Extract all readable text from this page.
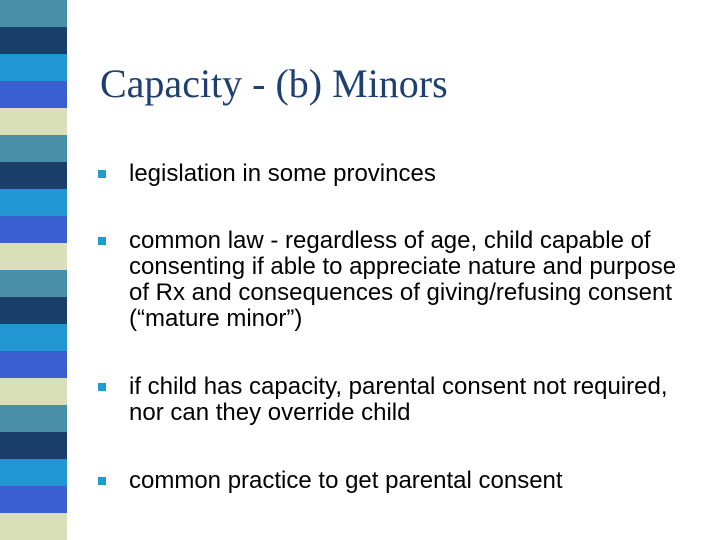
Capacity - (b) Minors
legislation in some provinces
common law - regardless of age, child capable of consenting if able to appreciate nature and purpose of Rx and consequences of giving/refusing consent (“mature minor”)
if child has capacity, parental consent not required, nor can they override child
common practice to get parental consent
